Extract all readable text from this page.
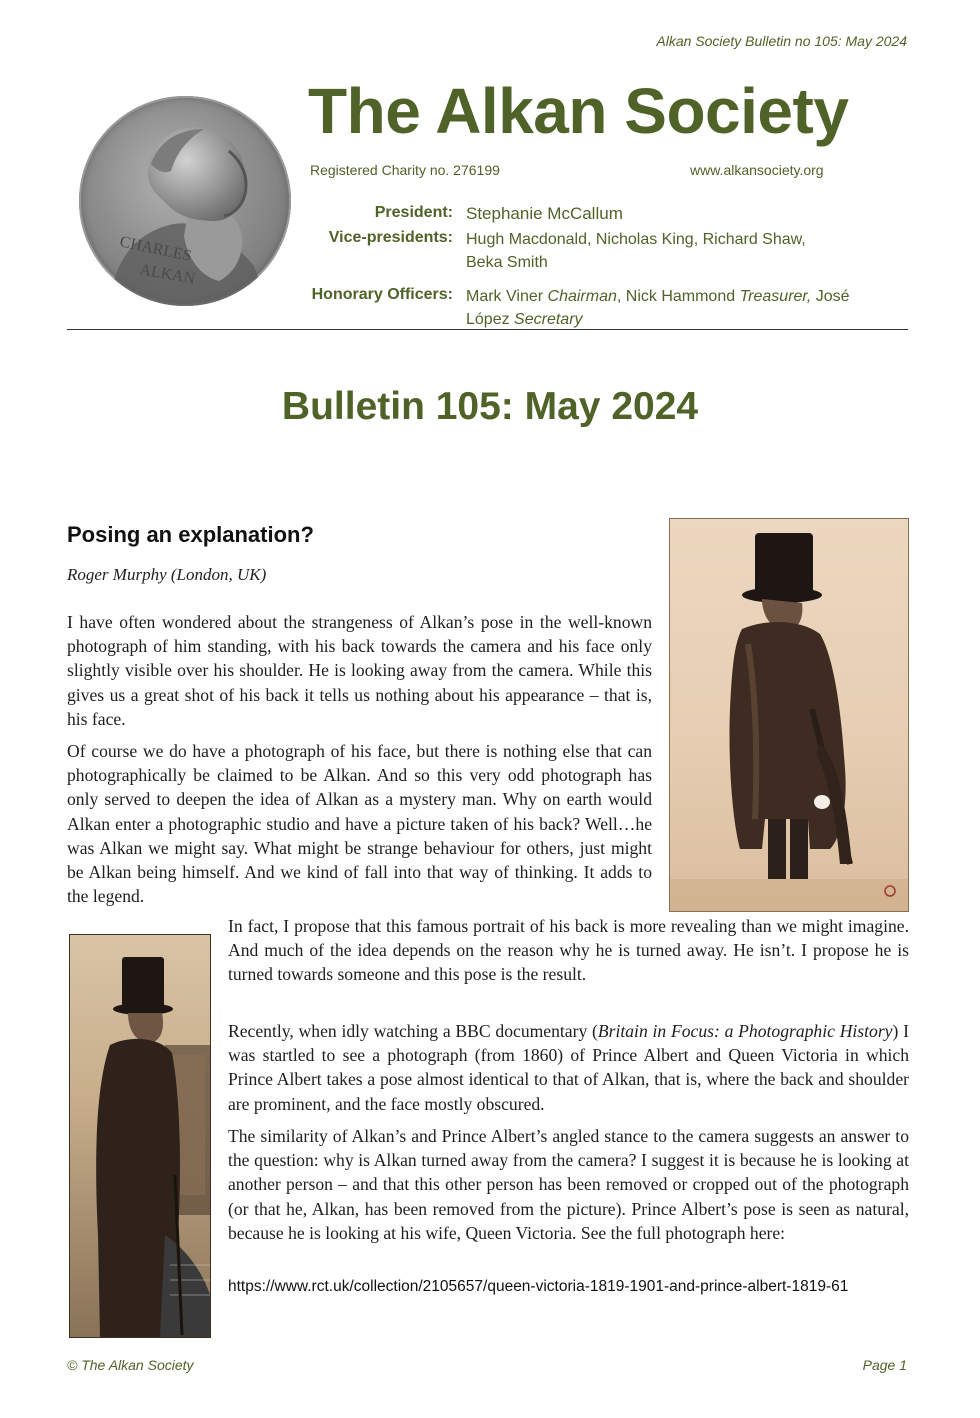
Alkan Society Bulletin no 105: May 2024
CHARLES
ALKAN
The Alkan Society
Registered Charity no. 276199	www.alkansociety.org
President: Stephanie McCallum
Vice-presidents: Hugh Macdonald, Nicholas King, Richard Shaw,
Beka Smith
Honorary Officers: Mark Viner Chairman, Nick Hammond Treasurer, José
López Secretary
Bulletin 105: May 2024
Posing an explanation?
Roger Murphy (London, UK)

I have often wondered about the strangeness of Alkan’s pose in the well-known photograph of him standing, with his back towards the camera and his face only slightly visible over his shoulder. He is looking away from the camera. While this gives us a great shot of his back it tells us nothing about his appearance – that is, his face.

Of course we do have a photograph of his face, but there is nothing else that can photographically be claimed to be Alkan. And so this very odd photograph has only served to deepen the idea of Alkan as a mystery man. Why on earth would Alkan enter a photographic studio and have a picture taken of his back? Well…he was Alkan we might say. What might be strange behaviour for others, just might be Alkan being himself. And we kind of fall into that way of thinking. It adds to the legend.

In fact, I propose that this famous portrait of his back is more revealing than we might imagine. And much of the idea depends on the reason why he is turned away. He isn’t. I propose he is turned towards someone and this pose is the result.

Recently, when idly watching a BBC documentary (Britain in Focus: a Photographic History) I was startled to see a photograph (from 1860) of Prince Albert and Queen Victoria in which Prince Albert takes a pose almost identical to that of Alkan, that is, where the back and shoulder are prominent, and the face mostly obscured.

The similarity of Alkan’s and Prince Albert’s angled stance to the camera suggests an answer to the question: why is Alkan turned away from the camera? I suggest it is because he is looking at another person – and that this other person has been removed or cropped out of the photograph (or that he, Alkan, has been removed from the picture). Prince Albert’s pose is seen as natural, because he is looking at his wife, Queen Victoria. See the full photograph here:

https://www.rct.uk/collection/2105657/queen-victoria-1819-1901-and-prince-albert-1819-61
© The Alkan Society	Page 1
